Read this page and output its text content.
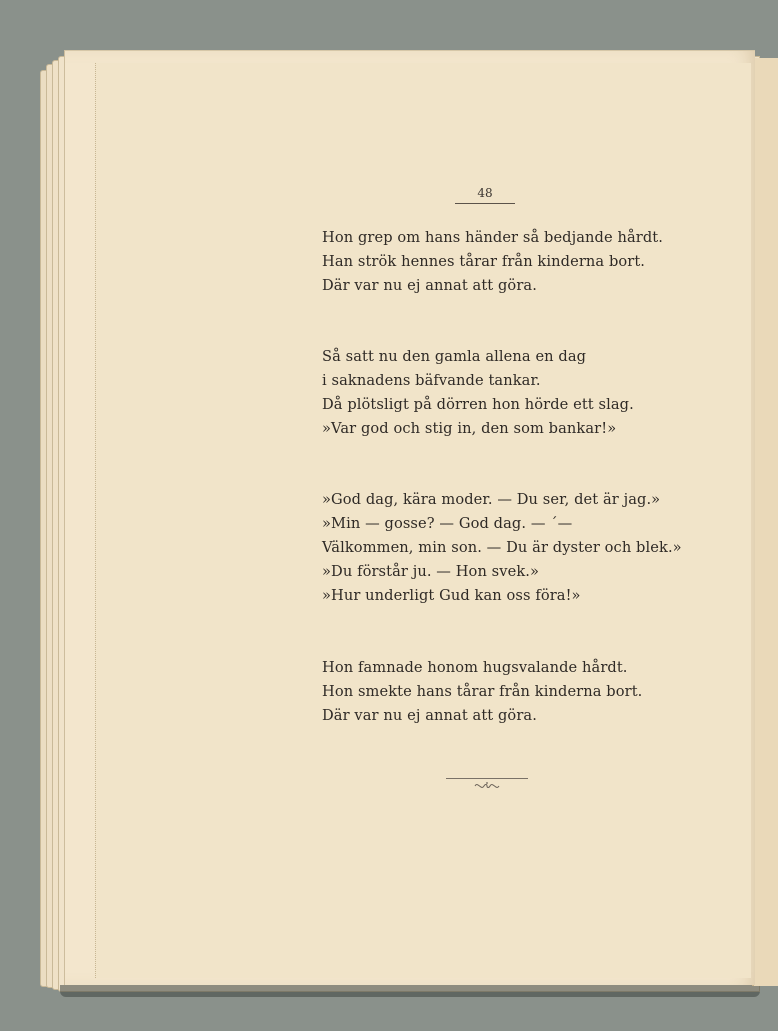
48
Hon grep om hans händer så bedjande hårdt.
Han strök hennes tårar från kinderna bort.
Där var nu ej annat att göra.
Så satt nu den gamla allena en dag
i saknadens bäfvande tankar.
Då plötsligt på dörren hon hörde ett slag.
»Var god och stig in, den som bankar!»
»God dag, kära moder. — Du ser, det är jag.»
»Min — gosse? — God dag. — ´—
Välkommen, min son. — Du är dyster och blek.»
»Du förstår ju. — Hon svek.»
»Hur underligt Gud kan oss föra!»
Hon famnade honom hugsvalande hårdt.
Hon smekte hans tårar från kinderna bort.
Där var nu ej annat att göra.
